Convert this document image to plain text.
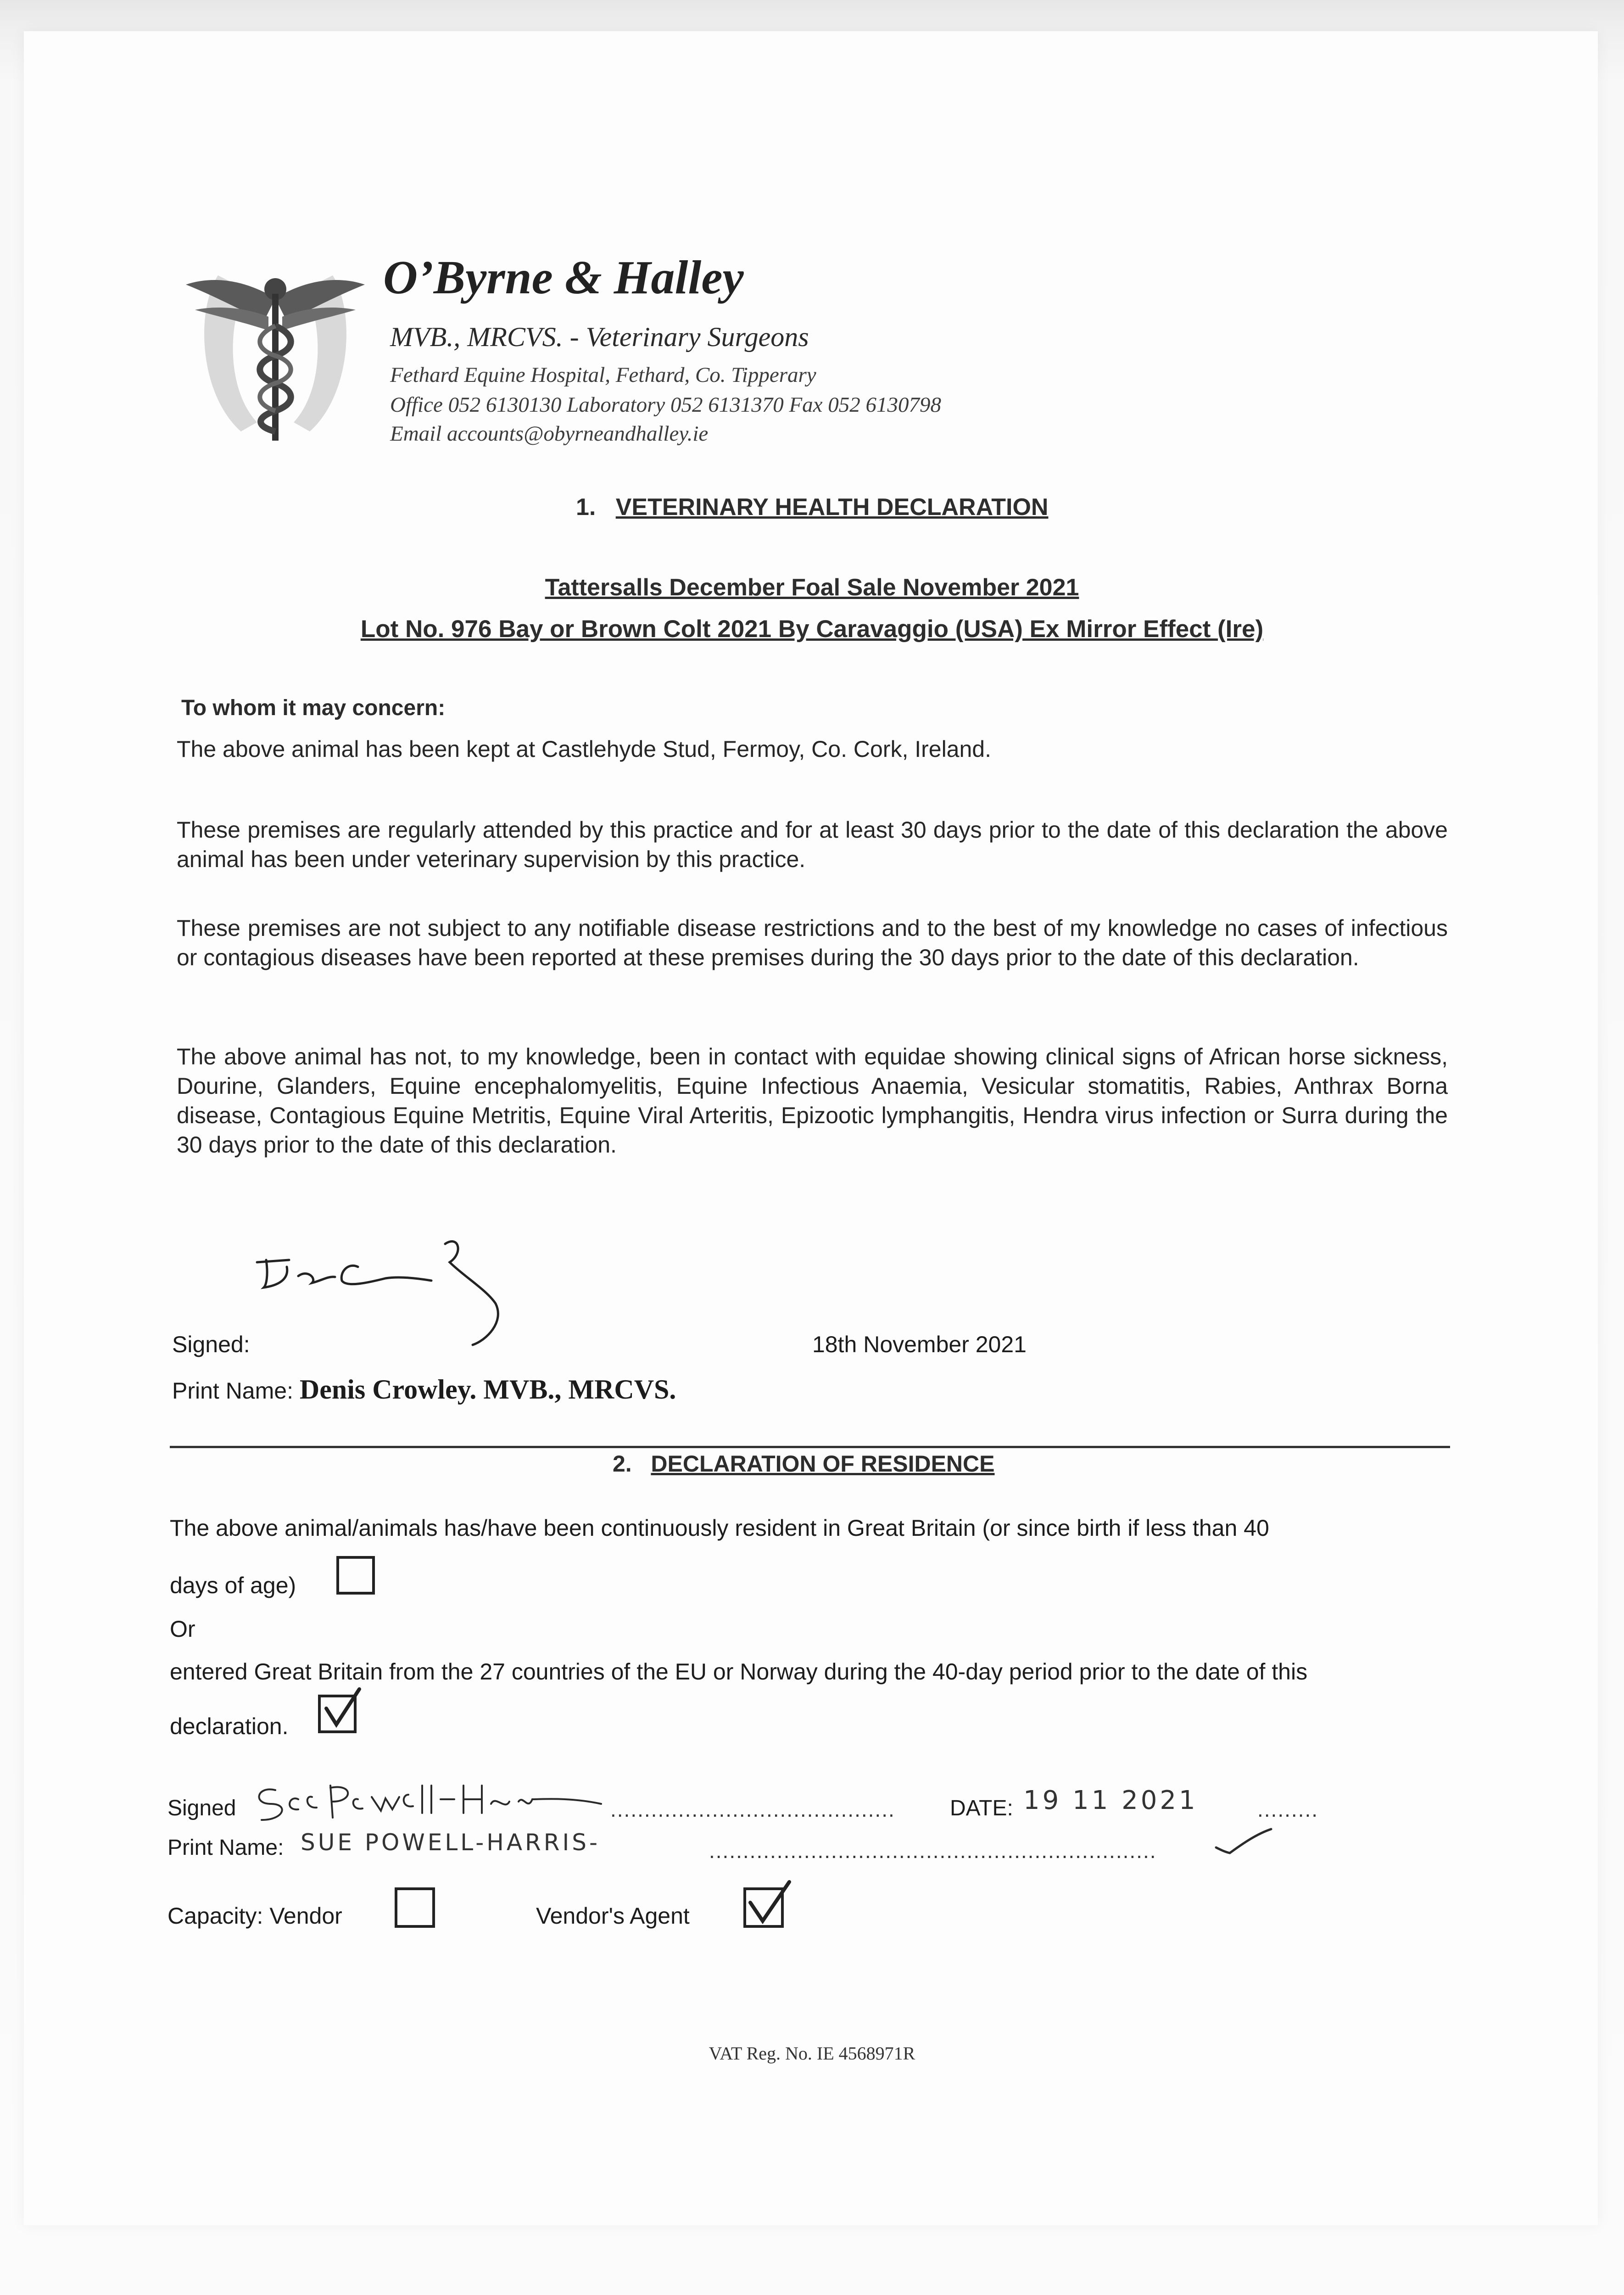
O’Byrne & Halley
MVB., MRCVS. - Veterinary Surgeons
Fethard Equine Hospital, Fethard, Co. Tipperary
Office 052 6130130 Laboratory 052 6131370 Fax 052 6130798
Email accounts@obyrneandhalley.ie
1. VETERINARY HEALTH DECLARATION
Tattersalls December Foal Sale November 2021
Lot No. 976 Bay or Brown Colt 2021 By Caravaggio (USA) Ex Mirror Effect (Ire)
To whom it may concern:
The above animal has been kept at Castlehyde Stud, Fermoy, Co. Cork, Ireland.
These premises are regularly attended by this practice and for at least 30 days prior to the date of this declaration the above animal has been under veterinary supervision by this practice.
These premises are not subject to any notifiable disease restrictions and to the best of my knowledge no cases of infectious or contagious diseases have been reported at these premises during the 30 days prior to the date of this declaration.
The above animal has not, to my knowledge, been in contact with equidae showing clinical signs of African horse sickness, Dourine, Glanders, Equine encephalomyelitis, Equine Infectious Anaemia, Vesicular stomatitis, Rabies, Anthrax Borna disease, Contagious Equine Metritis, Equine Viral Arteritis, Epizootic lymphangitis, Hendra virus infection or Surra during the 30 days prior to the date of this declaration.
Signed:	18th November 2021
Print Name: Denis Crowley. MVB., MRCVS.
2. DECLARATION OF RESIDENCE
The above animal/animals has/have been continuously resident in Great Britain (or since birth if less than 40
days of age)
Or
entered Great Britain from the 27 countries of the EU or Norway during the 40-day period prior to the date of this
declaration.
Signed	.......................................... DATE: 19 11 2021	.........
Print Name: SUE POWELL-HARRIS-	..................................................................
Capacity: Vendor	Vendor's Agent
VAT Reg. No. IE 4568971R
